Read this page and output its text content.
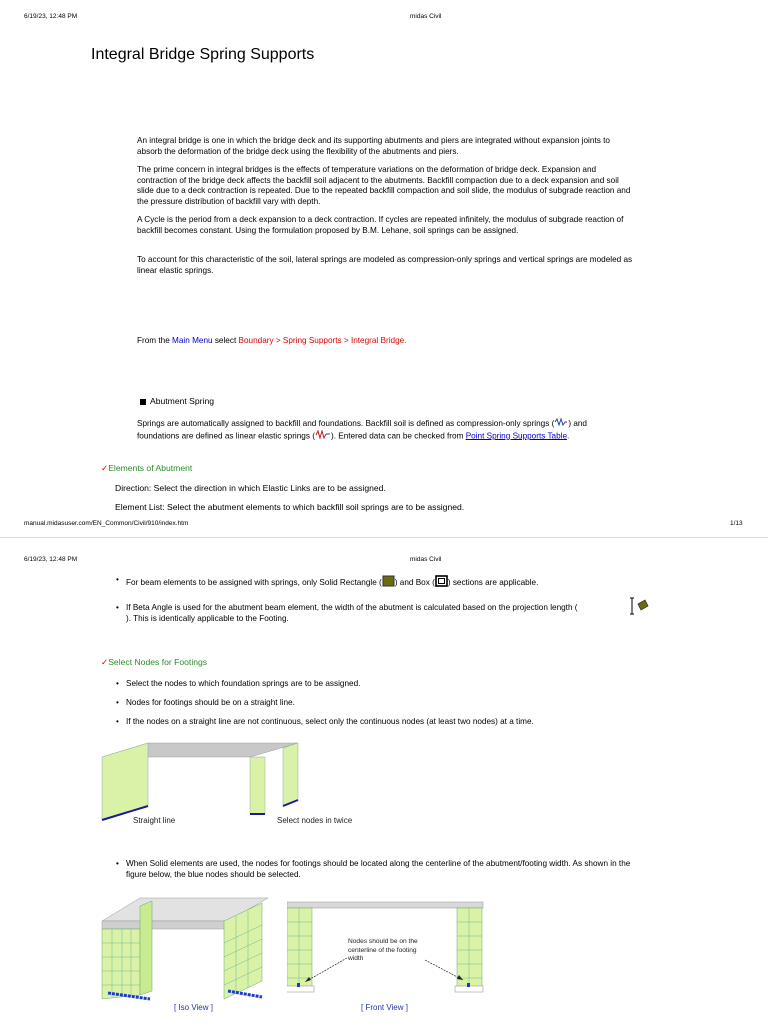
6/19/23, 12:48 PM	midas Civil
Integral Bridge Spring Supports
An integral bridge is one in which the bridge deck and its supporting abutments and piers are integrated without expansion joints to absorb the deformation of the bridge deck using the flexibility of the abutments and piers.
The prime concern in integral bridges is the effects of temperature variations on the deformation of bridge deck. Expansion and contraction of the bridge deck affects the backfill soil adjacent to the abutments. Backfill compaction due to a deck expansion and soil slide due to a deck contraction is repeated. Due to the repeated backfill compaction and soil slide, the modulus of subgrade reaction and the pressure distribution of backfill vary with depth.
A Cycle is the period from a deck expansion to a deck contraction. If cycles are repeated infinitely, the modulus of subgrade reaction of backfill becomes constant. Using the formulation proposed by B.M. Lehane, soil springs can be assigned.
To account for this characteristic of the soil, lateral springs are modeled as compression-only springs and vertical springs are modeled as linear elastic springs.
From the Main Menu select Boundary > Spring Supports > Integral Bridge.
Abutment Spring
Springs are automatically assigned to backfill and foundations. Backfill soil is defined as compression-only springs ( ) and foundations are defined as linear elastic springs ( ). Entered data can be checked from Point Spring Supports Table.
✓Elements of Abutment
Direction: Select the direction in which Elastic Links are to be assigned.
Element List: Select the abutment elements to which backfill soil springs are to be assigned.
manual.midasuser.com/EN_Common/Civil/910/index.htm	1/13
6/19/23, 12:48 PM	midas Civil
• For beam elements to be assigned with springs, only Solid Rectangle ( ) and Box ( ) sections are applicable.
• If Beta Angle is used for the abutment beam element, the width of the abutment is calculated based on the projection length (
). This is identically applicable to the Footing.
✓Select Nodes for Footings
• Select the nodes to which foundation springs are to be assigned.
• Nodes for footings should be on a straight line.
• If the nodes on a straight line are not continuous, select only the continuous nodes (at least two nodes) at a time.
Straight line	Select nodes in twice
• When Solid elements are used, the nodes for footings should be located along the centerline of the abutment/footing width. As shown in the figure below, the blue nodes should be selected.
[ Iso View ]
Nodes should be on the centerline of the footing width
[ Front View ]
